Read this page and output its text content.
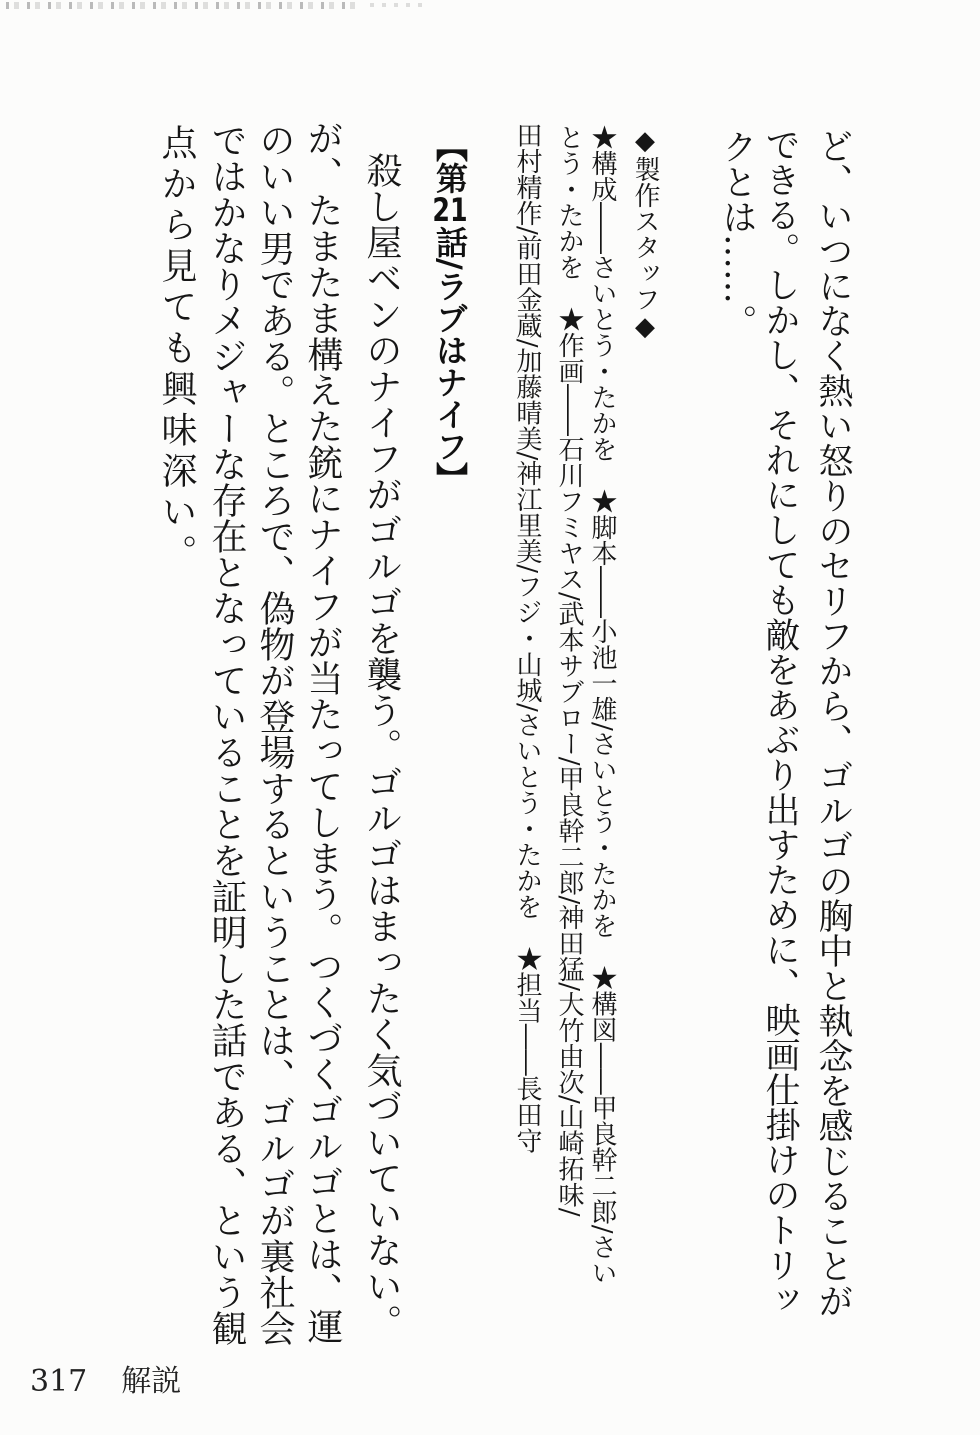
ど、いつになく熱い怒りのセリフから、ゴルゴの胸中と執念を感じることが
できる。しかし、それにしても敵をあぶり出すために、映画仕掛けのトリッ
クとは……。
◆製作スタッフ◆
★構成――さいとう・たかを　★脚本――小池一雄/さいとう・たかを　★構図――甲良幹二郎/さい
とう・たかを　★作画――石川フミヤス/武本サブロー/甲良幹二郎/神田猛/大竹由次/山崎拓味/
田村精作/前田金蔵/加藤晴美/神江里美/フジ・山城/さいとう・たかを　★担当――長田守
【第21話/ラブはナイフ】
殺し屋ベンのナイフがゴルゴを襲う。ゴルゴはまったく気づいていない。
が、たまたま構えた銃にナイフが当たってしまう。つくづくゴルゴとは、運
のいい男である。ところで、偽物が登場するということは、ゴルゴが裏社会
ではかなりメジャーな存在となっていることを証明した話である、という観
点から見ても興味深い。
317 解説
